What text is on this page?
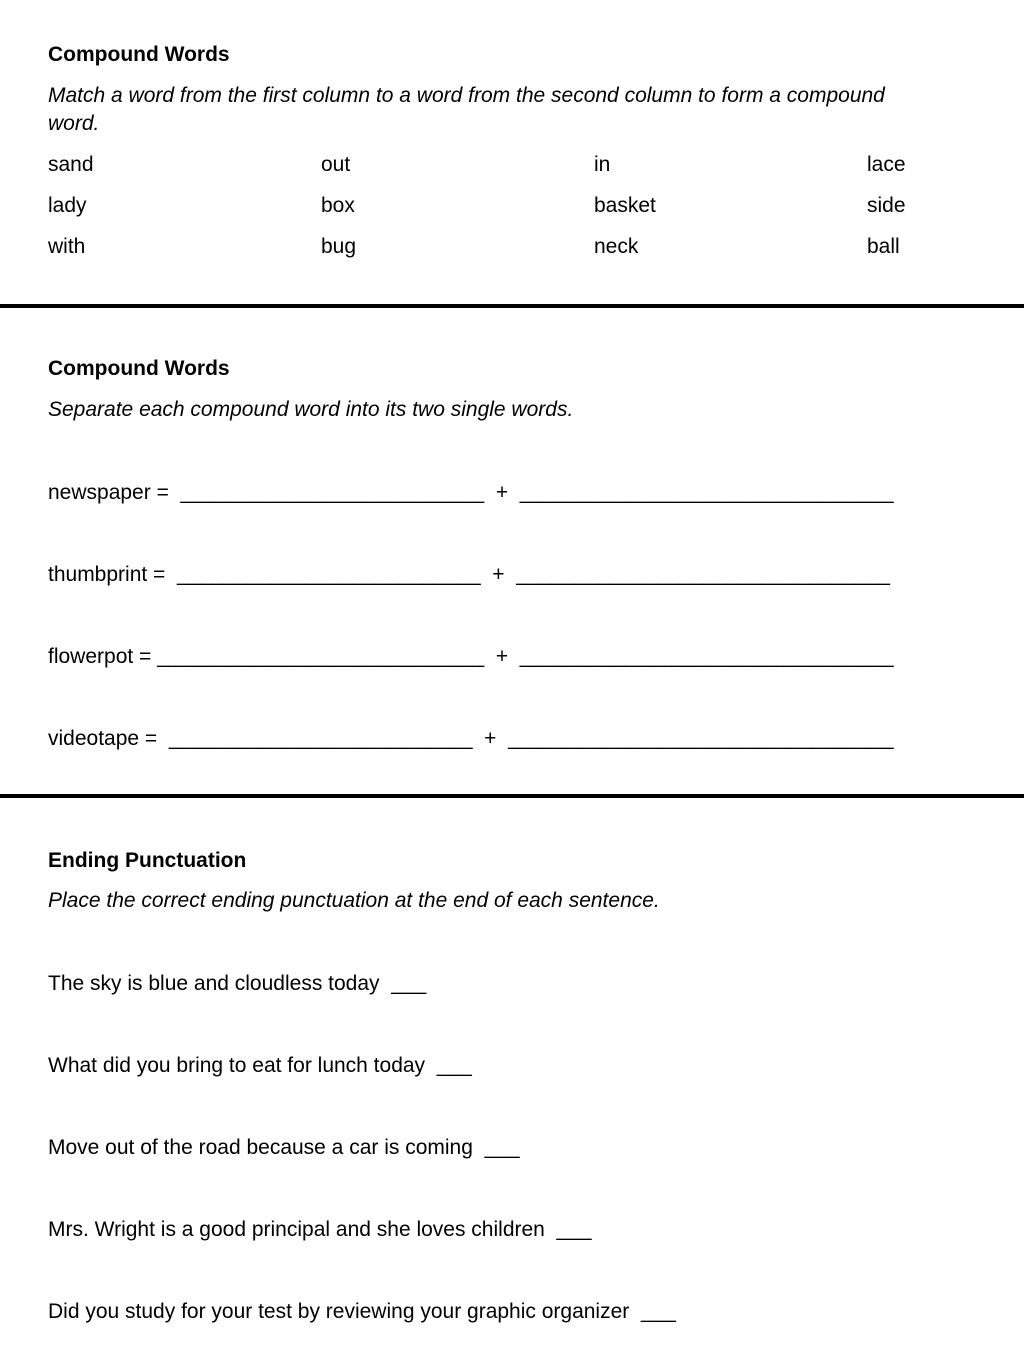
Compound Words
Match a word from the first column to a word from the second column to form a compound
word.
sand	out	in	lace
lady	box	basket	side
with	bug	neck	ball
Compound Words
Separate each compound word into its two single words.
newspaper =  __________________________  +  ________________________________
thumbprint =  __________________________  +  ________________________________
flowerpot = ____________________________  +  ________________________________
videotape =  __________________________  +  _________________________________
Ending Punctuation
Place the correct ending punctuation at the end of each sentence.
The sky is blue and cloudless today  ___
What did you bring to eat for lunch today  ___
Move out of the road because a car is coming  ___
Mrs. Wright is a good principal and she loves children  ___
Did you study for your test by reviewing your graphic organizer  ___
